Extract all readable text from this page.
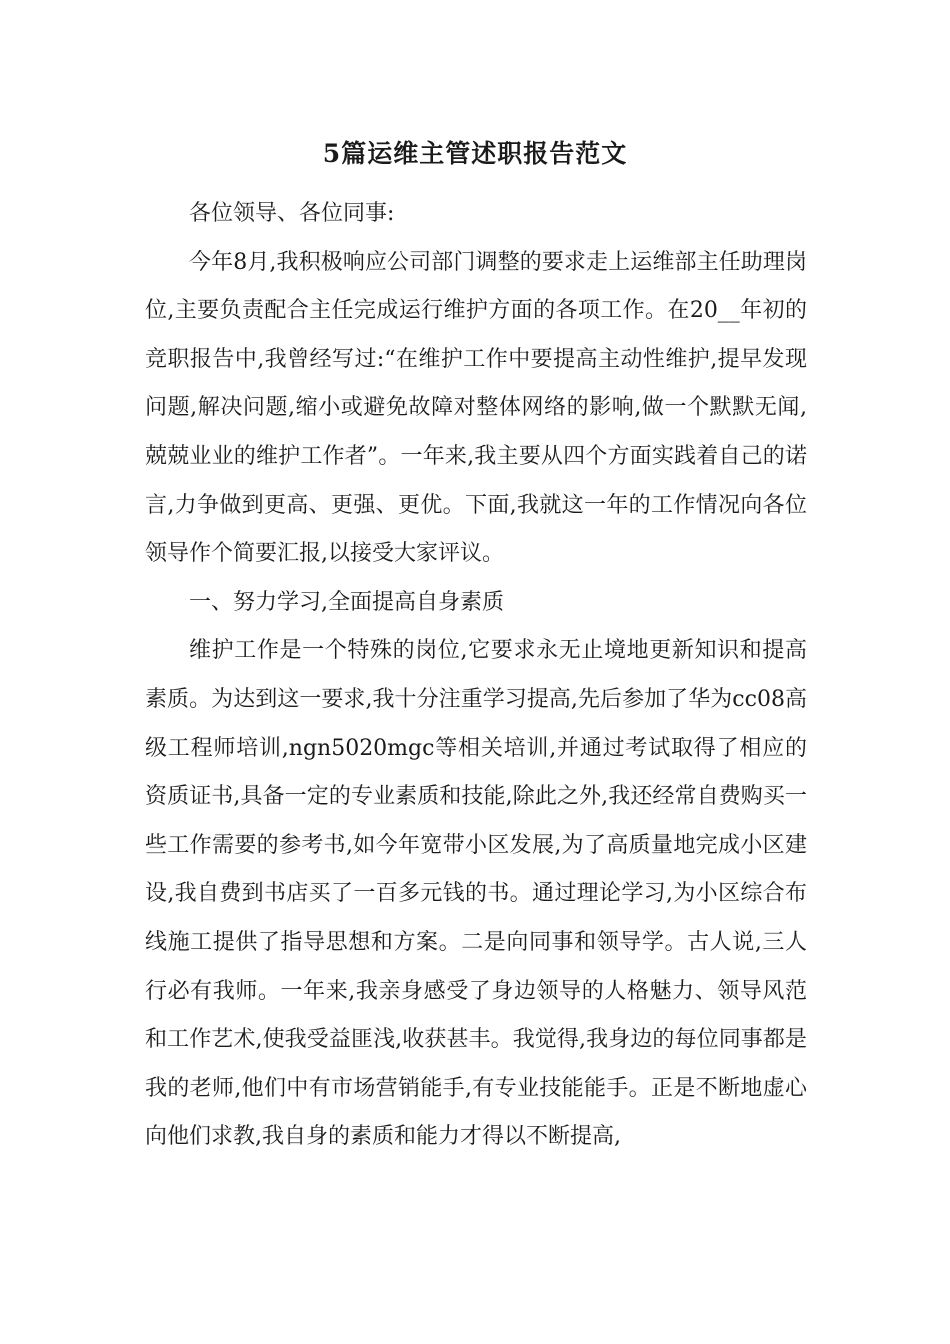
5篇运维主管述职报告范文

各位领导、各位同事:

今年8月,我积极响应公司部门调整的要求走上运维部主任助理岗位,主要负责配合主任完成运行维护方面的各项工作。在20__年初的竞职报告中,我曾经写过:“在维护工作中要提高主动性维护,提早发现问题,解决问题,缩小或避免故障对整体网络的影响,做一个默默无闻,兢兢业业的维护工作者”。一年来,我主要从四个方面实践着自己的诺言,力争做到更高、更强、更优。下面,我就这一年的工作情况向各位领导作个简要汇报,以接受大家评议。

一、努力学习,全面提高自身素质

维护工作是一个特殊的岗位,它要求永无止境地更新知识和提高素质。为达到这一要求,我十分注重学习提高,先后参加了华为cc08高级工程师培训,ngn5020mgc等相关培训,并通过考试取得了相应的资质证书,具备一定的专业素质和技能,除此之外,我还经常自费购买一些工作需要的参考书,如今年宽带小区发展,为了高质量地完成小区建设,我自费到书店买了一百多元钱的书。通过理论学习,为小区综合布线施工提供了指导思想和方案。二是向同事和领导学。古人说,三人行必有我师。一年来,我亲身感受了身边领导的人格魅力、领导风范和工作艺术,使我受益匪浅,收获甚丰。我觉得,我身边的每位同事都是我的老师,他们中有市场营销能手,有专业技能能手。正是不断地虚心向他们求教,我自身的素质和能力才得以不断提高,
